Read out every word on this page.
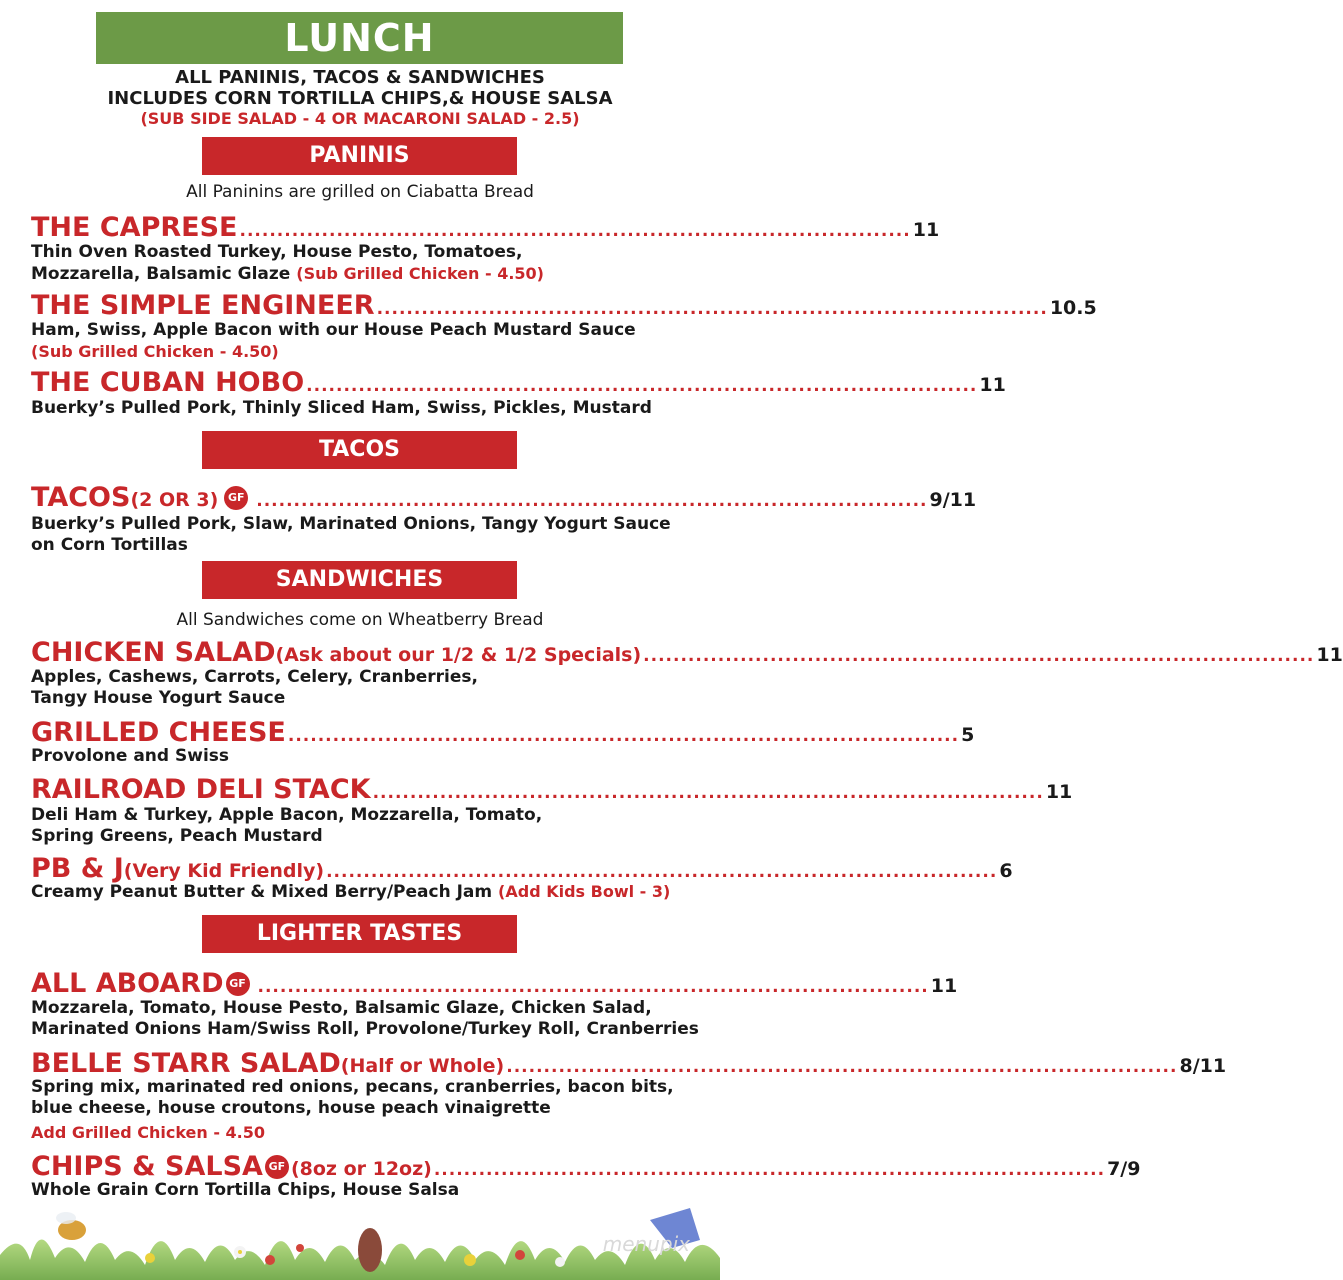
LUNCH
ALL PANINIS, TACOS & SANDWICHES
INCLUDES CORN TORTILLA CHIPS,& HOUSE SALSA
(SUB SIDE SALAD - 4 OR MACARONI SALAD - 2.5)
PANINIS
All Paninins are grilled on Ciabatta Bread
THE CAPRESE .......................................................................................... 11
Thin Oven Roasted Turkey, House Pesto, Tomatoes,
Mozzarella, Balsamic Glaze (Sub Grilled Chicken - 4.50)
THE SIMPLE ENGINEER .......................................................................................... 10.5
Ham, Swiss, Apple Bacon with our House Peach Mustard Sauce
(Sub Grilled Chicken - 4.50)
THE CUBAN HOBO .......................................................................................... 11
Buerky’s Pulled Pork, Thinly Sliced Ham, Swiss, Pickles, Mustard
TACOS
TACOS (2 OR 3) GF .......................................................................................... 9/11
Buerky’s Pulled Pork, Slaw, Marinated Onions, Tangy Yogurt Sauce
on Corn Tortillas
SANDWICHES
All Sandwiches come on Wheatberry Bread
CHICKEN SALAD (Ask about our 1/2 & 1/2 Specials) .......................................................................................... 11
Apples, Cashews, Carrots, Celery, Cranberries,
Tangy House Yogurt Sauce
GRILLED CHEESE .......................................................................................... 5
Provolone and Swiss
RAILROAD DELI STACK .......................................................................................... 11
Deli Ham & Turkey, Apple Bacon, Mozzarella, Tomato,
Spring Greens, Peach Mustard
PB & J (Very Kid Friendly) .......................................................................................... 6
Creamy Peanut Butter & Mixed Berry/Peach Jam (Add Kids Bowl - 3)
LIGHTER TASTES
ALL ABOARD GF .......................................................................................... 11
Mozzarela, Tomato, House Pesto, Balsamic Glaze, Chicken Salad,
Marinated Onions Ham/Swiss Roll, Provolone/Turkey Roll, Cranberries
BELLE STARR SALAD (Half or Whole) .......................................................................................... 8/11
Spring mix, marinated red onions, pecans, cranberries, bacon bits,
blue cheese, house croutons, house peach vinaigrette
Add Grilled Chicken - 4.50
CHIPS & SALSA GF (8oz or 12oz) .......................................................................................... 7/9
Whole Grain Corn Tortilla Chips, House Salsa
menupix
